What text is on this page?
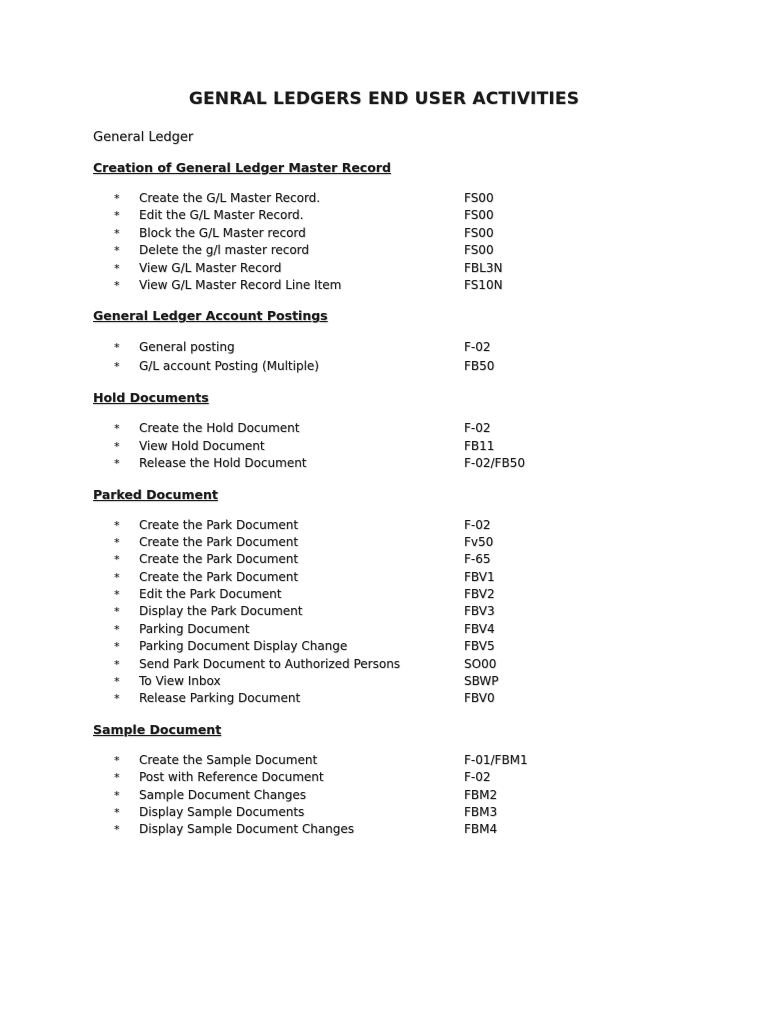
GENRAL LEDGERS END USER ACTIVITIES
General Ledger
Creation of General Ledger Master Record
* Create the G/L Master Record.	FS00
* Edit the G/L Master Record.	FS00
* Block the G/L Master record	FS00
* Delete the g/l master record	FS00
* View G/L Master Record	FBL3N
* View G/L Master Record Line Item	FS10N
General Ledger Account Postings
* General posting	F-02
* G/L account Posting (Multiple)	FB50
Hold Documents
* Create the Hold Document	F-02
* View Hold Document	FB11
* Release the Hold Document	F-02/FB50
Parked Document
* Create the Park Document	F-02
* Create the Park Document	Fv50
* Create the Park Document	F-65
* Create the Park Document	FBV1
* Edit the Park Document	FBV2
* Display the Park Document	FBV3
* Parking Document	FBV4
* Parking Document Display Change	FBV5
* Send Park Document to Authorized Persons	SO00
* To View Inbox	SBWP
* Release Parking Document	FBV0
Sample Document
* Create the Sample Document	F-01/FBM1
* Post with Reference Document	F-02
* Sample Document Changes	FBM2
* Display Sample Documents	FBM3
* Display Sample Document Changes	FBM4
